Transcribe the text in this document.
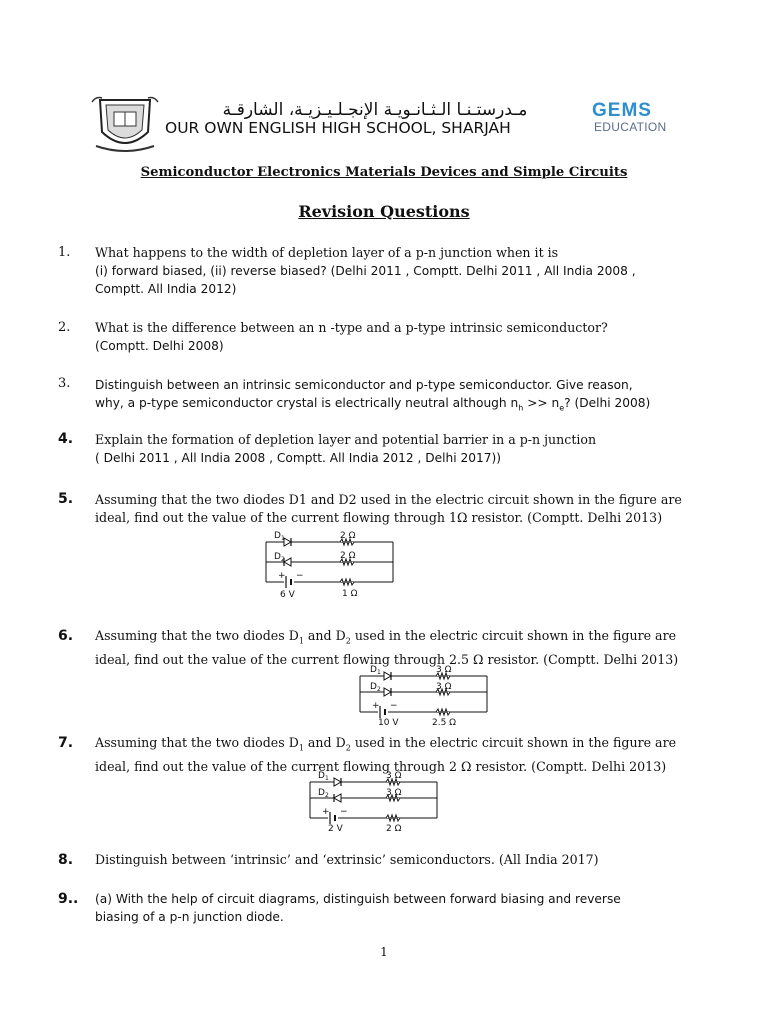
مـدرستـنـا الـثـانـويـة الإنجـلـيـزيـة، الشارقـة
OUR OWN ENGLISH HIGH SCHOOL, SHARJAH
GEMS
EDUCATION
Semiconductor Electronics Materials Devices and Simple Circuits
Revision Questions
1. What happens to the width of depletion layer of a p-n junction when it is
(i) forward biased, (ii) reverse biased? (Delhi 2011 , Comptt. Delhi 2011 , All India 2008 ,
Comptt. All India 2012)
2. What is the difference between an n -type and a p-type intrinsic semiconductor?
(Comptt. Delhi 2008)
3. Distinguish between an intrinsic semiconductor and p-type semiconductor. Give reason,
why, a p-type semiconductor crystal is electrically neutral although $n_h >> n_e$? (Delhi 2008)
4. Explain the formation of depletion layer and potential barrier in a p-n junction
( Delhi 2011 , All India 2008 , Comptt. All India 2012 , Delhi 2017))
5. Assuming that the two diodes D1 and D2 used in the electric circuit shown in the figure are
ideal, find out the value of the current flowing through 1Ω resistor. (Comptt. Delhi 2013)
$D_1$
$D_2$
2 Ω
2 Ω
+ −
6 V	1 Ω
6. Assuming that the two diodes $D_1$ and $D_2$ used in the electric circuit shown in the figure are
ideal, find out the value of the current flowing through 2.5 Ω resistor. (Comptt. Delhi 2013)
$D_1$
$D_2$
3 Ω
3 Ω
+ −
10 V	2.5 Ω
7. Assuming that the two diodes $D_1$ and $D_2$ used in the electric circuit shown in the figure are
ideal, find out the value of the current flowing through 2 Ω resistor. (Comptt. Delhi 2013)
$D_1$
$D_2$
3 Ω
3 Ω
+ −
2 V	2 Ω
8. Distinguish between ‘intrinsic’ and ‘extrinsic’ semiconductors. (All India 2017)
9.. (a) With the help of circuit diagrams, distinguish between forward biasing and reverse
biasing of a p-n junction diode.
1
